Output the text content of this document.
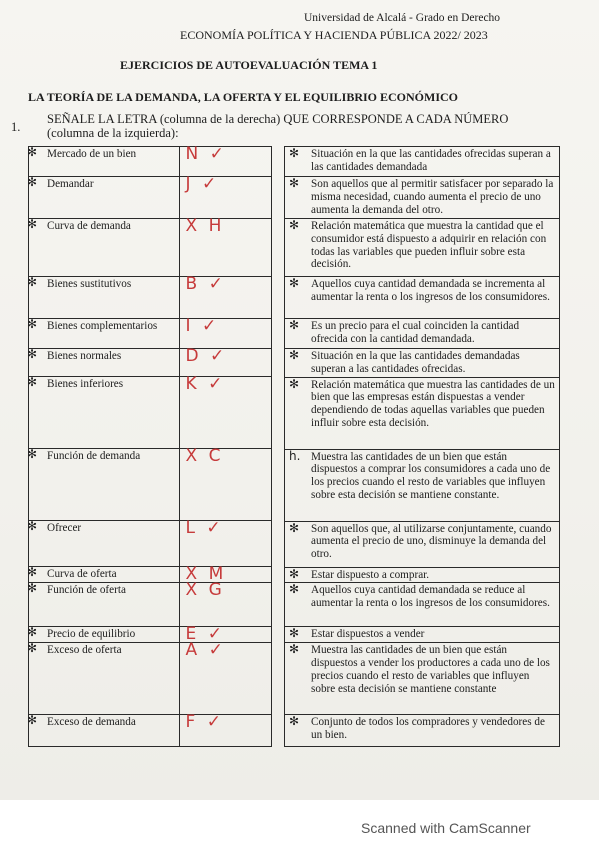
Universidad de Alcalá - Grado en Derecho
ECONOMÍA POLÍTICA Y HACIENDA PÚBLICA 2022/ 2023
EJERCICIOS DE AUTOEVALUACIÓN TEMA 1
LA TEORÍA DE LA DEMANDA, LA OFERTA Y EL EQUILIBRIO ECONÓMICO
1.
SEÑALE LA LETRA (columna de la derecha) QUE CORRESPONDE A CADA NÚMERO (columna de la izquierda):
✻ Mercado de un bien	N ✓

✻ Demandar	J ✓

✻ Curva de demanda	X H

✻ Bienes sustitutivos	B ✓

✻ Bienes complementarios	I ✓

✻ Bienes normales	D ✓

✻ Bienes inferiores	K ✓

✻ Función de demanda	X C

✻ Ofrecer	L ✓

✻ Curva de oferta	X M

✻ Función de oferta	X G

✻ Precio de equilibrio	E ✓

✻ Exceso de oferta	A ✓

✻ Exceso de demanda	F ✓
✻	Situación en la que las cantidades ofrecidas superan a las cantidades demandada

✻	Son aquellos que al permitir satisfacer por separado la misma necesidad, cuando aumenta el precio de uno aumenta la demanda del otro.

✻	Relación matemática que muestra la cantidad que el consumidor está dispuesto a adquirir en relación con todas las variables que pueden influir sobre esta decisión.

✻	Aquellos cuya cantidad demandada se incrementa al aumentar la renta o los ingresos de los consumidores.

✻	Es un precio para el cual coinciden la cantidad ofrecida con la cantidad demandada.

✻	Situación en la que las cantidades demandadas superan a las cantidades ofrecidas.

✻	Relación matemática que muestra las cantidades de un bien que las empresas están dispuestas a vender dependiendo de todas aquellas variables que pueden influir sobre esta decisión.

h. Muestra las cantidades de un bien que están dispuestos a comprar los consumidores a cada uno de los precios cuando el resto de variables que influyen sobre esta decisión se mantiene constante.

✻	Son aquellos que, al utilizarse conjuntamente, cuando aumenta el precio de uno, disminuye la demanda del otro.

✻	Estar dispuesto a comprar.

✻	Aquellos cuya cantidad demandada se reduce al aumentar la renta o los ingresos de los consumidores.

✻	Estar dispuestos a vender

✻	Muestra las cantidades de un bien que están dispuestos a vender los productores a cada uno de los precios cuando el resto de variables que influyen sobre esta decisión se mantiene constante

✻	Conjunto de todos los compradores y vendedores de un bien.
Scanned with CamScanner
